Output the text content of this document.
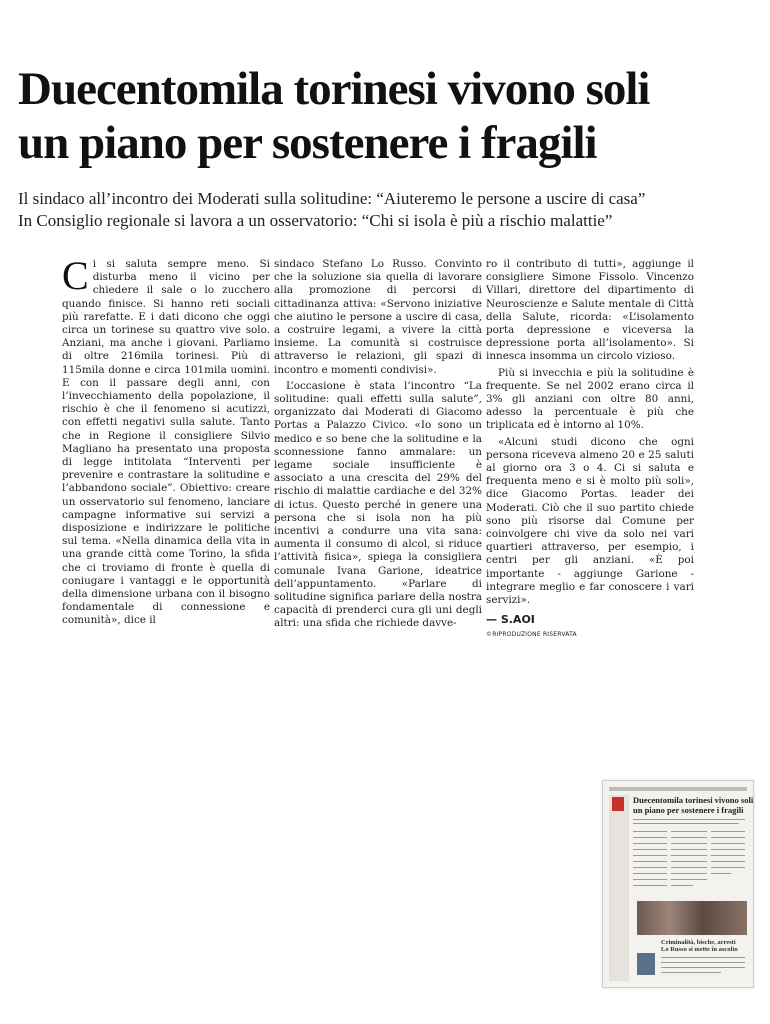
Duecentomila torinesi vivono soli
un piano per sostenere i fragili
Il sindaco all’incontro dei Moderati sulla solitudine: “Aiuteremo le persone a uscire di casa”
In Consiglio regionale si lavora a un osservatorio: “Chi si isola è più a rischio malattie”

Ci si saluta sempre meno. Si disturba meno il vicino per chiedere il sale o lo zucchero quando finisce. Si hanno reti sociali più rarefatte. E i dati dicono che oggi circa un torinese su quattro vive solo. Anziani, ma anche i giovani. Parliamo di oltre 216mila torinesi. Più di 115mila donne e circa 101mila uomini. E con il passare degli anni, con l’invecchiamento della popolazione, il rischio è che il fenomeno si acutizzi, con effetti negativi sulla salute. Tanto che in Regione il consigliere Silvio Magliano ha presentato una proposta di legge intitolata “Interventi per prevenire e contrastare la solitudine e l’abbandono sociale”. Obiettivo: creare un osservatorio sul fenomeno, lanciare campagne informative sui servizi a disposizione e indirizzare le politiche sul tema. «Nella dinamica della vita in una grande città come Torino, la sfida che ci troviamo di fronte è quella di coniugare i vantaggi e le opportunità della dimensione urbana con il bisogno fondamentale di connessione e comunità», dice il

sindaco Stefano Lo Russo. Convinto che la soluzione sia quella di lavorare alla promozione di percorsi di cittadinanza attiva: «Servono iniziative che aiutino le persone a uscire di casa, a costruire legami, a vivere la città insieme. La comunità si costruisce attraverso le relazioni, gli spazi di incontro e momenti condivisi».

L’occasione è stata l’incontro “La solitudine: quali effetti sulla salute”, organizzato dai Moderati di Giacomo Portas a Palazzo Civico. «Io sono un medico e so bene che la solitudine e la sconnessione fanno ammalare: un legame sociale insufficiente è associato a una crescita del 29% del rischio di malattie cardiache e del 32% di ictus. Questo perché in genere una persona che si isola non ha più incentivi a condurre una vita sana: aumenta il consumo di alcol, si riduce l’attività fisica», spiega la consigliera comunale Ivana Garione, ideatrice dell’appuntamento. «Parlare di solitudine significa parlare della nostra capacità di prenderci cura gli uni degli altri: una sfida che richiede davve-

ro il contributo di tutti», aggiunge il consigliere Simone Fissolo. Vincenzo Villari, direttore del dipartimento di Neuroscienze e Salute mentale di Città della Salute, ricorda: «L’isolamento porta depressione e viceversa la depressione porta all’isolamento». Si innesca insomma un circolo vizioso.

Più si invecchia e più la solitudine è frequente. Se nel 2002 erano circa il 3% gli anziani con oltre 80 anni, adesso la percentuale è più che triplicata ed è intorno al 10%.

«Alcuni studi dicono che ogni persona riceveva almeno 20 e 25 saluti al giorno ora 3 o 4. Ci si saluta e frequenta meno e si è molto più soli», dice Giacomo Portas. leader dei Moderati. Ciò che il suo partito chiede sono più risorse dal Comune per coinvolgere chi vive da solo nei vari quartieri attraverso, per esempio, i centri per gli anziani. «È poi importante - aggiunge Garione - integrare meglio e far conoscere i vari servizi».

— S.AOI
©RIPRODUZIONE RISERVATA
Duecentomila torinesi vivono soli
un piano per sostenere i fragili
Criminalità, bische, arresti
Lo Russo si mette in ascolto
